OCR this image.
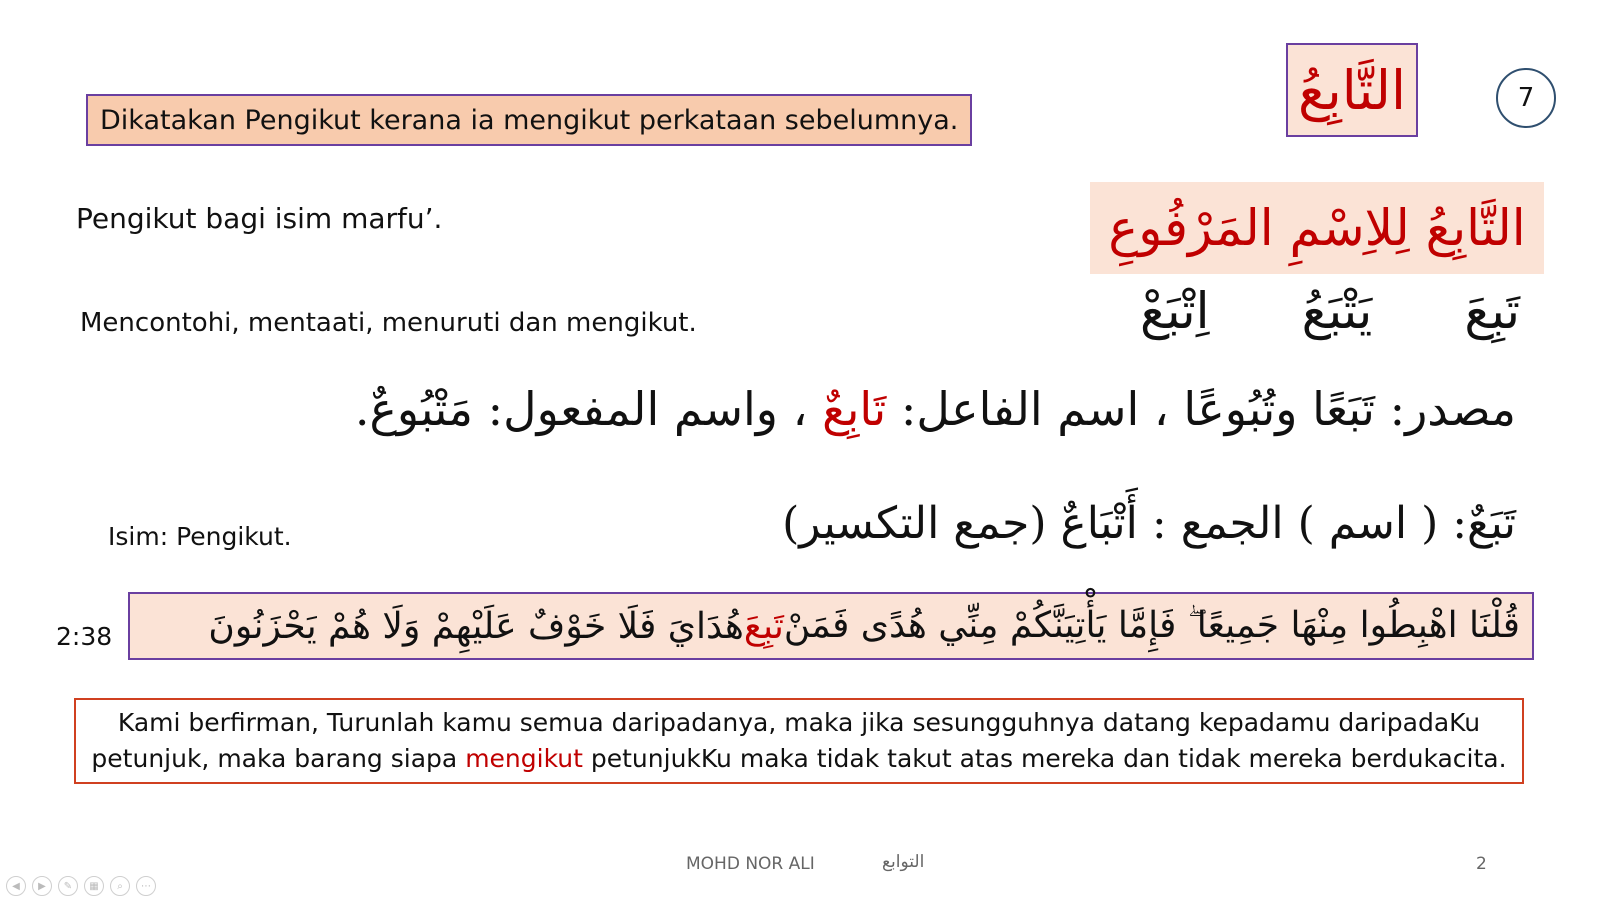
7
التَّابِعُ
Dikatakan Pengikut kerana ia mengikut perkataan sebelumnya.
التَّابِعُ لِلاِسْمِ المَرْفُوعِ
Pengikut bagi isim marfu’.
تَبِعَ
يَتْبَعُ
اِتْبَعْ
Mencontohi, mentaati, menuruti dan mengikut.
مصدر: تَبَعًا وتُبُوعًا ، اسم الفاعل: تَابِعٌ ، واسم المفعول: مَتْبُوعٌ.
تَبَعٌ: ( اسم ) الجمع : أَتْبَاعٌ (جمع التكسير)
Isim: Pengikut.
2:38	قُلْنَا اهْبِطُوا مِنْهَا جَمِيعًا ۖ فَإِمَّا يَأْتِيَنَّكُمْ مِنِّي هُدًى فَمَنْ
تَبِعَ
هُدَايَ فَلَا خَوْفٌ عَلَيْهِمْ وَلَا هُمْ يَحْزَنُونَ
Kami berfirman, Turunlah kamu semua daripadanya, maka jika sesungguhnya datang kepadamu daripadaKu
petunjuk, maka barang siapa mengikut petunjukKu maka tidak takut atas mereka dan tidak mereka berdukacita.
MOHD NOR ALI	التوابع	2
◀	▶	✎	▦	⌕	⋯
